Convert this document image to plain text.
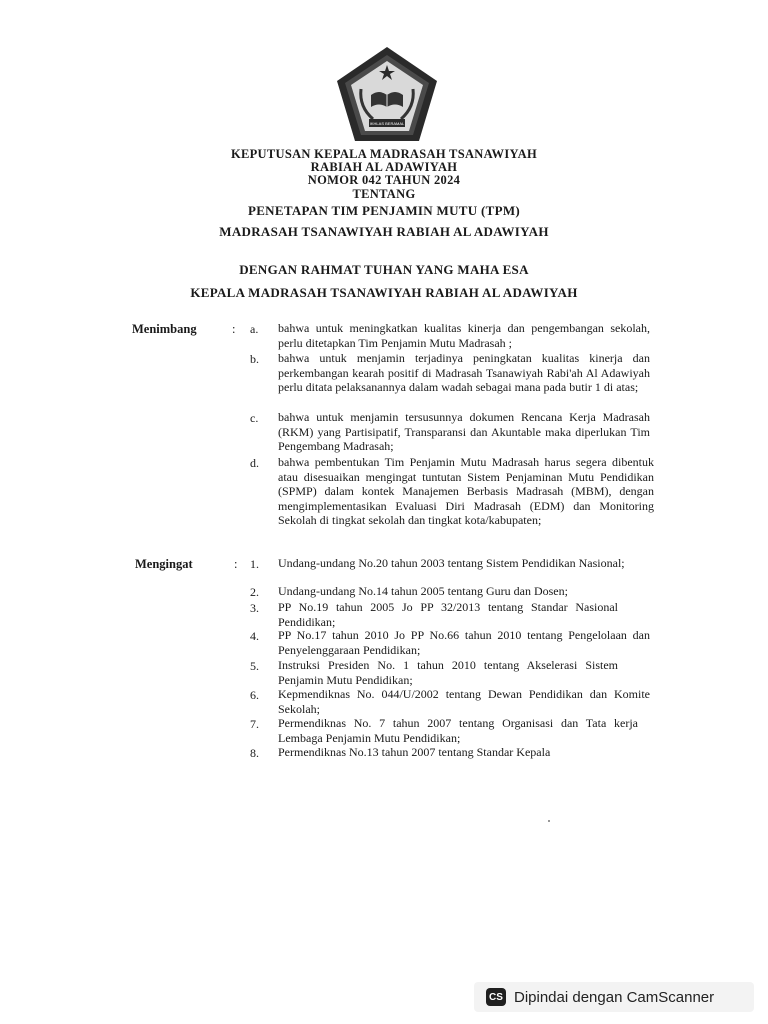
IKHLAS BERAMAL
KEPUTUSAN KEPALA MADRASAH TSANAWIYAH
RABIAH AL ADAWIYAH
NOMOR 042 TAHUN 2024
TENTANG
PENETAPAN TIM PENJAMIN MUTU (TPM)
MADRASAH TSANAWIYAH RABIAH AL ADAWIYAH
DENGAN RAHMAT TUHAN YANG MAHA ESA
KEPALA MADRASAH TSANAWIYAH RABIAH AL ADAWIYAH
Menimbang	: a. bahwa untuk meningkatkan kualitas kinerja dan pengembangan sekolah, perlu ditetapkan Tim Penjamin Mutu Madrasah ;
b. bahwa untuk menjamin terjadinya peningkatan kualitas kinerja dan perkembangan kearah positif di Madrasah Tsanawiyah Rabi'ah Al Adawiyah perlu ditata pelaksanannya dalam wadah sebagai mana pada butir 1 di atas;
c. bahwa untuk menjamin tersusunnya dokumen Rencana Kerja Madrasah (RKM) yang Partisipatif, Transparansi dan Akuntable maka diperlukan Tim Pengembang Madrasah;
d. bahwa pembentukan Tim Penjamin Mutu Madrasah harus segera dibentuk atau disesuaikan mengingat tuntutan Sistem Penjaminan Mutu Pendidikan (SPMP) dalam kontek Manajemen Berbasis Madrasah (MBM), dengan mengimplementasikan Evaluasi Diri Madrasah (EDM) dan Monitoring Sekolah di tingkat sekolah dan tingkat kota/kabupaten;
Mengingat	: 1. Undang-undang No.20 tahun 2003 tentang Sistem Pendidikan Nasional;
2. Undang-undang No.14 tahun 2005 tentang Guru dan Dosen;
3. PP No.19 tahun 2005 Jo PP 32/2013 tentang Standar Nasional Pendidikan;
4. PP No.17 tahun 2010 Jo PP No.66 tahun 2010 tentang Pengelolaan dan Penyelenggaraan Pendidikan;
5. Instruksi Presiden No. 1 tahun 2010 tentang Akselerasi Sistem Penjamin Mutu Pendidikan;
6. Kepmendiknas No. 044/U/2002 tentang Dewan Pendidikan dan Komite Sekolah;
7. Permendiknas No. 7 tahun 2007 tentang Organisasi dan Tata kerja Lembaga Penjamin Mutu Pendidikan;
8. Permendiknas No.13 tahun 2007 tentang Standar Kepala
CS Dipindai dengan CamScanner
